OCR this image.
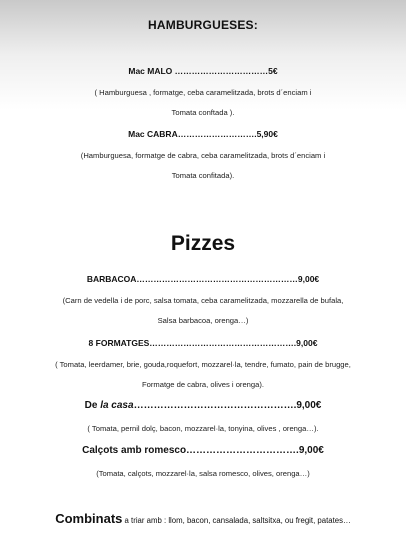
HAMBURGUESES:
Mac MALO ……………………………5€
( Hamburguesa , formatge, ceba caramelitzada, brots d´enciam i
Tomata conftada ).
Mac CABRA……………………….5,90€
(Hamburguesa, formatge de cabra, ceba caramelitzada, brots d´enciam i
Tomata confitada).
Pizzes
BARBACOA…………………………………………………9,00€
(Carn de vedella i de porc, salsa tomata, ceba caramelitzada, mozzarella de bufala,
Salsa barbacoa, orenga…)
8 FORMATGES…………………………………………….9,00€
( Tomata, leerdamer, brie, gouda,roquefort, mozzarel·la, tendre, fumato, pain de brugge,
Formatge de cabra, olives i orenga).
De la casa………………………………………….9,00€
( Tomata, pernil dolç, bacon, mozzarel·la, tonyina, olives , orenga…).
Calçots amb romesco…………………………….9,00€
(Tomata, calçots, mozzarel·la, salsa romesco, olives, orenga…)
Combinats a triar amb : llom, bacon, cansalada, saltsitxa, ou fregit, patates…
